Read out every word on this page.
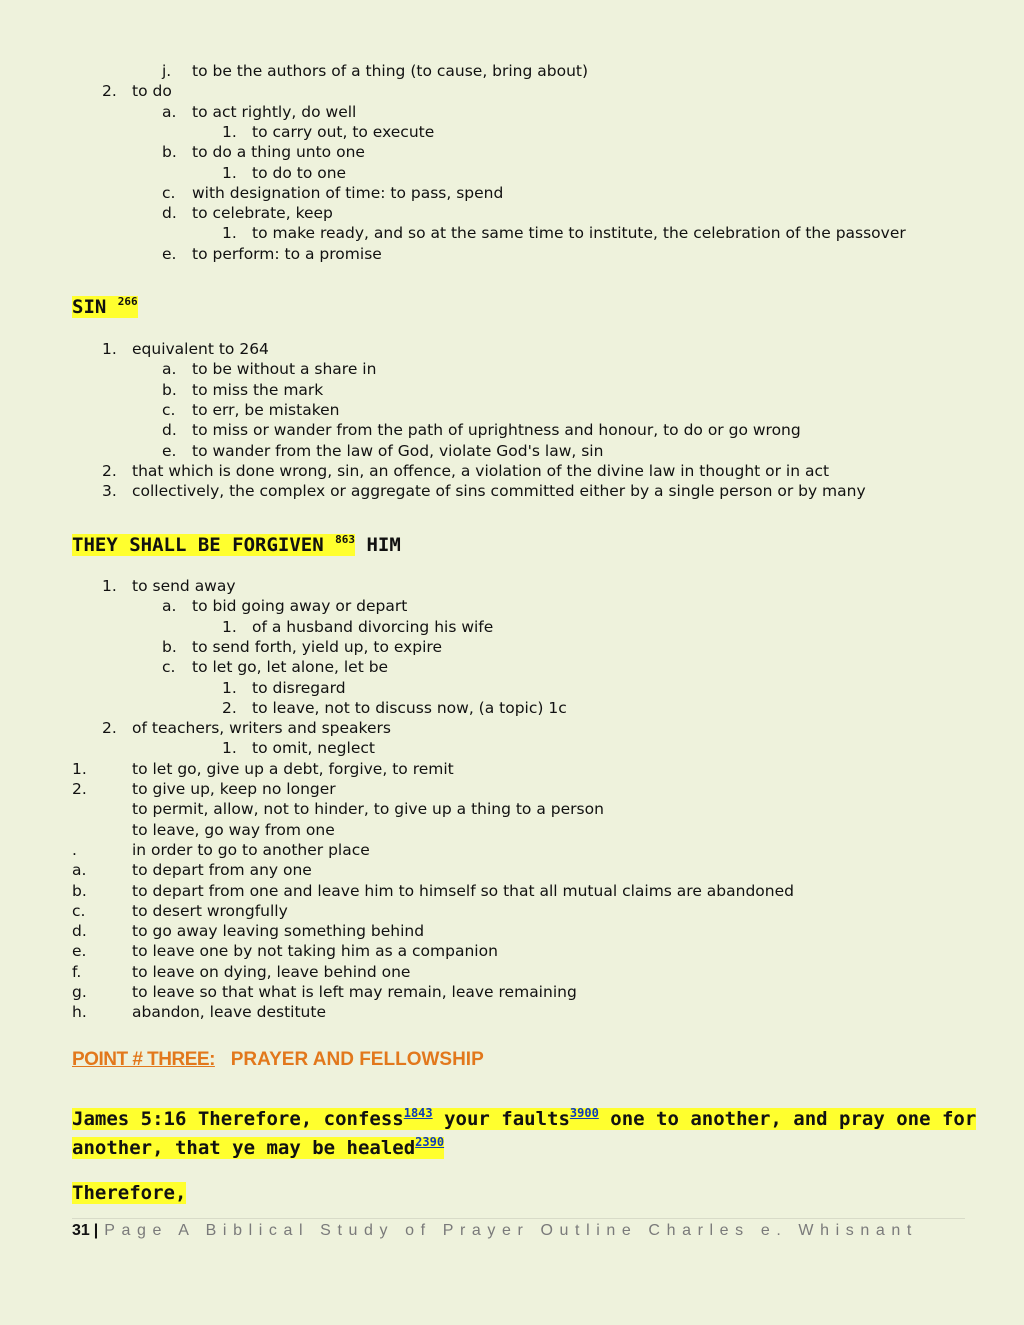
j. to be the authors of a thing (to cause, bring about)
2. to do
a. to act rightly, do well
1. to carry out, to execute
b. to do a thing unto one
1. to do to one
c. with designation of time: to pass, spend
d. to celebrate, keep
1. to make ready, and so at the same time to institute, the celebration of the passover
e. to perform: to a promise
SIN $^{266}$
1. equivalent to 264
a. to be without a share in
b. to miss the mark
c. to err, be mistaken
d. to miss or wander from the path of uprightness and honour, to do or go wrong
e. to wander from the law of God, violate God's law, sin
2. that which is done wrong, sin, an offence, a violation of the divine law in thought or in act
3. collectively, the complex or aggregate of sins committed either by a single person or by many
THEY SHALL BE FORGIVEN $^{863}$ HIM
1. to send away
a. to bid going away or depart
1. of a husband divorcing his wife
b. to send forth, yield up, to expire
c. to let go, let alone, let be
1. to disregard
2. to leave, not to discuss now, (a topic) 1c
2. of teachers, writers and speakers
1. to omit, neglect
1.	to let go, give up a debt, forgive, to remit
2.	to give up, keep no longer
to permit, allow, not to hinder, to give up a thing to a person
to leave, go way from one
.	in order to go to another place
a.	to depart from any one
b.	to depart from one and leave him to himself so that all mutual claims are abandoned
c.	to desert wrongfully
d.	to go away leaving something behind
e.	to leave one by not taking him as a companion
f.	to leave on dying, leave behind one
g.	to leave so that what is left may remain, leave remaining
h.	abandon, leave destitute
POINT # THREE: PRAYER AND FELLOWSHIP
James 5:16 Therefore, confess$^{1843}$ your faults$^{3900}$ one to another, and pray one for
another, that ye may be healed$^{2390}$
Therefore,
31 | Page A Biblical Study of Prayer Outline Charles e. Whisnant
